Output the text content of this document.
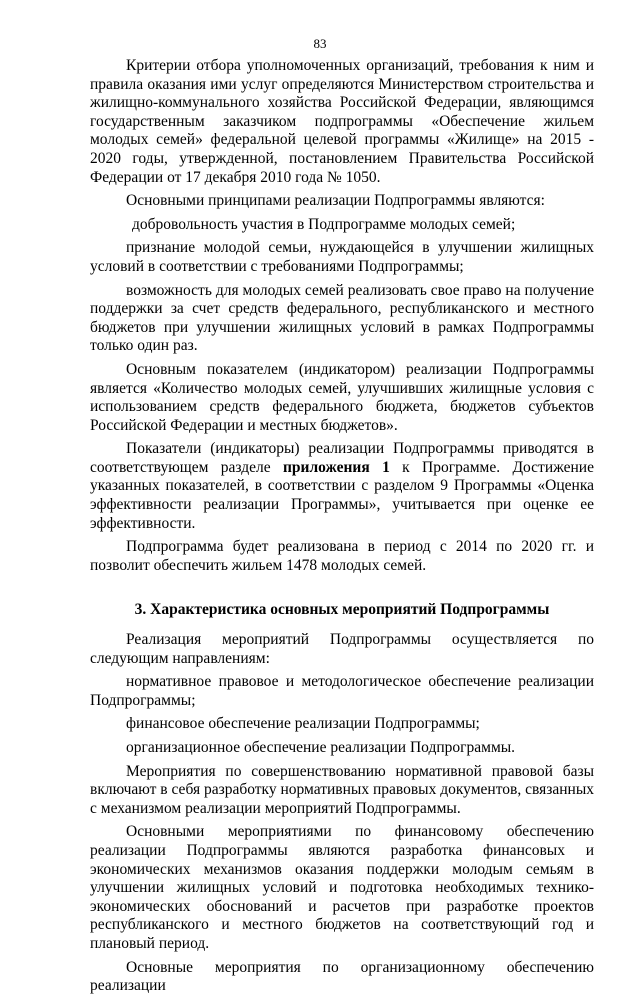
83

Критерии отбора уполномоченных организаций, требования к ним и правила оказания ими услуг определяются Министерством строительства и жилищно-коммунального хозяйства Российской Федерации, являющимся государственным заказчиком подпрограммы «Обеспечение жильем молодых семей» федеральной целевой программы «Жилище» на 2015 - 2020 годы, утвержденной, постановлением Правительства Российской Федерации от 17 декабря 2010 года № 1050.

Основными принципами реализации Подпрограммы являются:

добровольность участия в Подпрограмме молодых семей;

признание молодой семьи, нуждающейся в улучшении жилищных условий в соответствии с требованиями Подпрограммы;

возможность для молодых семей реализовать свое право на получение поддержки за счет средств федерального, республиканского и местного бюджетов при улучшении жилищных условий в рамках Подпрограммы только один раз.

Основным показателем (индикатором) реализации Подпрограммы является «Количество молодых семей, улучшивших жилищные условия с использованием средств федерального бюджета, бюджетов субъектов Российской Федерации и местных бюджетов».

Показатели (индикаторы) реализации Подпрограммы приводятся в соответствующем разделе приложения 1 к Программе. Достижение указанных показателей, в соответствии с разделом 9 Программы «Оценка эффективности реализации Программы», учитывается при оценке ее эффективности.

Подпрограмма будет реализована в период с 2014 по 2020 гг. и позволит обеспечить жильем 1478 молодых семей.

3. Характеристика основных мероприятий Подпрограммы

Реализация мероприятий Подпрограммы осуществляется по следующим направлениям:

нормативное правовое и методологическое обеспечение реализации Подпрограммы;

финансовое обеспечение реализации Подпрограммы;

организационное обеспечение реализации Подпрограммы.

Мероприятия по совершенствованию нормативной правовой базы включают в себя разработку нормативных правовых документов, связанных с механизмом реализации мероприятий Подпрограммы.

Основными мероприятиями по финансовому обеспечению реализации Подпрограммы являются разработка финансовых и экономических механизмов оказания поддержки молодым семьям в улучшении жилищных условий и подготовка необходимых технико-экономических обоснований и расчетов при разработке проектов республиканского и местного бюджетов на соответствующий год и плановый период.

Основные мероприятия по организационному обеспечению реализации
